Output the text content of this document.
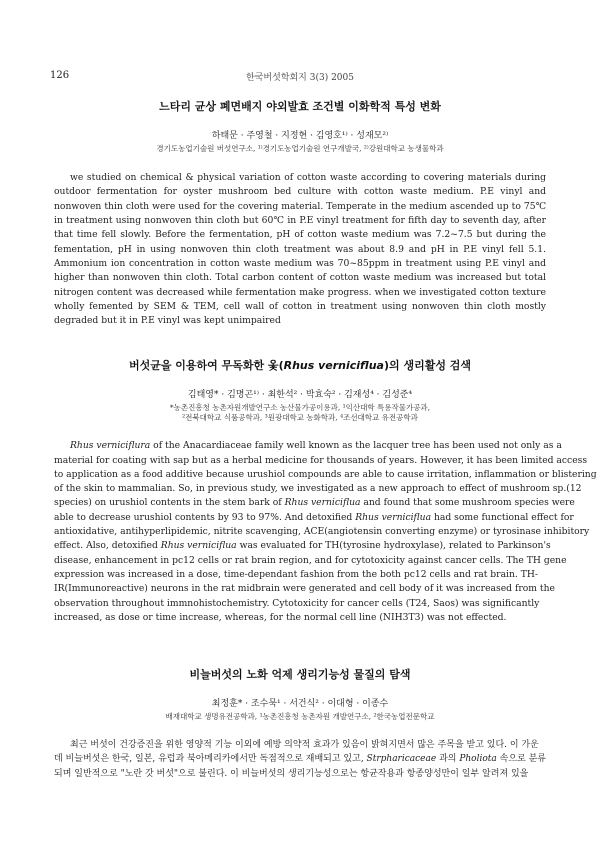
126	한국버섯학회지 3(3) 2005
느타리 균상 폐면배지 야외발효 조건별 이화학적 특성 변화
하태문 · 주영철 · 지정현 · 김영호¹⁾ · 성재모²⁾
경기도농업기술원 버섯연구소, ¹⁾경기도농업기술원 연구개발국, ²⁾강원대학교 농생물학과

we studied on chemical & physical variation of cotton waste according to covering materials during outdoor fermentation for oyster mushroom bed culture with cotton waste medium. P.E vinyl and nonwoven thin cloth were used for the covering material. Temperate in the medium ascended up to 75℃ in treatment using nonwoven thin cloth but 60℃ in P.E vinyl treatment for fifth day to seventh day, after that time fell slowly. Before the fermentation, pH of cotton waste medium was 7.2~7.5 but during the fementation, pH in using nonwoven thin cloth treatment was about 8.9 and pH in P.E vinyl fell 5.1. Ammonium ion concentration in cotton waste medium was 70~85ppm in treatment using P.E vinyl and higher than nonwoven thin cloth. Total carbon content of cotton waste medium was increased but total nitrogen content was decreased while fermentation make progress. when we investigated cotton texture wholly femented by SEM & TEM, cell wall of cotton in treatment using nonwoven thin cloth mostly degraded but it in P.E vinyl was kept unimpaired

버섯균을 이용하여 무독화한 옻(Rhus verniciflua)의 생리활성 검색
김태영* · 김명곤¹⁾ · 최한석² · 박효숙² · 김재성⁴ · 김성준⁴
*농촌진흥청 농촌자원개발연구소 농산물가공이용과, ¹익산대학 특용작물가공과,
²전북대학교 식품공학과, ³원광대학교 농화학과, ⁴조선대학교 유전공학과
Rhus verniciflura of the Anacardiaceae family well known as the lacquer tree has been used not only as a
material for coating with sap but as a herbal medicine for thousands of years. However, it has been limited access
to application as a food additive because urushiol compounds are able to cause irritation, inflammation or blistering
of the skin to mammalian. So, in previous study, we investigated as a new approach to effect of mushroom sp.(12
species) on urushiol contents in the stem bark of Rhus verniciflua and found that some mushroom species were
able to decrease urushiol contents by 93 to 97%. And detoxified Rhus verniciflua had some functional effect for
antioxidative, antihyperlipidemic, nitrite scavenging, ACE(angiotensin converting enzyme) or tyrosinase inhibitory
effect. Also, detoxified Rhus verniciflua was evaluated for TH(tyrosine hydroxylase), related to Parkinson's
disease, enhancement in pc12 cells or rat brain region, and for cytotoxicity against cancer cells. The TH gene
expression was increased in a dose, time-dependant fashion from the both pc12 cells and rat brain. TH-
IR(Immunoreactive) neurons in the rat midbrain were generated and cell body of it was increased from the
observation throughout immnohistochemistry. Cytotoxicity for cancer cells (T24, Saos) was significantly
increased, as dose or time increase, whereas, for the normal cell line (NIH3T3) was not effected.
비늘버섯의 노화 억제 생리기능성 물질의 탐색
최정훈* · 조수묵¹ · 서건식² · 이대형 · 이종수
배재대학교 생명유전공학과, ¹농촌진흥청 농촌자원 개발연구소, ²한국농업전문학교
최근 버섯이 건강증진을 위한 영양적 기능 이외에 예방 의약적 효과가 있음이 밝혀지면서 많은 주목을 받고 있다. 이 가운
데 비늘버섯은 한국, 일본, 유럽과 북아메리카에서만 독점적으로 재배되고 있고, Strpharicaceae 과의 Pholiota 속으로 분류
되며 일반적으로 "노란 갓 버섯"으로 불린다. 이 비늘버섯의 생리기능성으로는 항균작용과 항종양성만이 일부 알려져 있을
